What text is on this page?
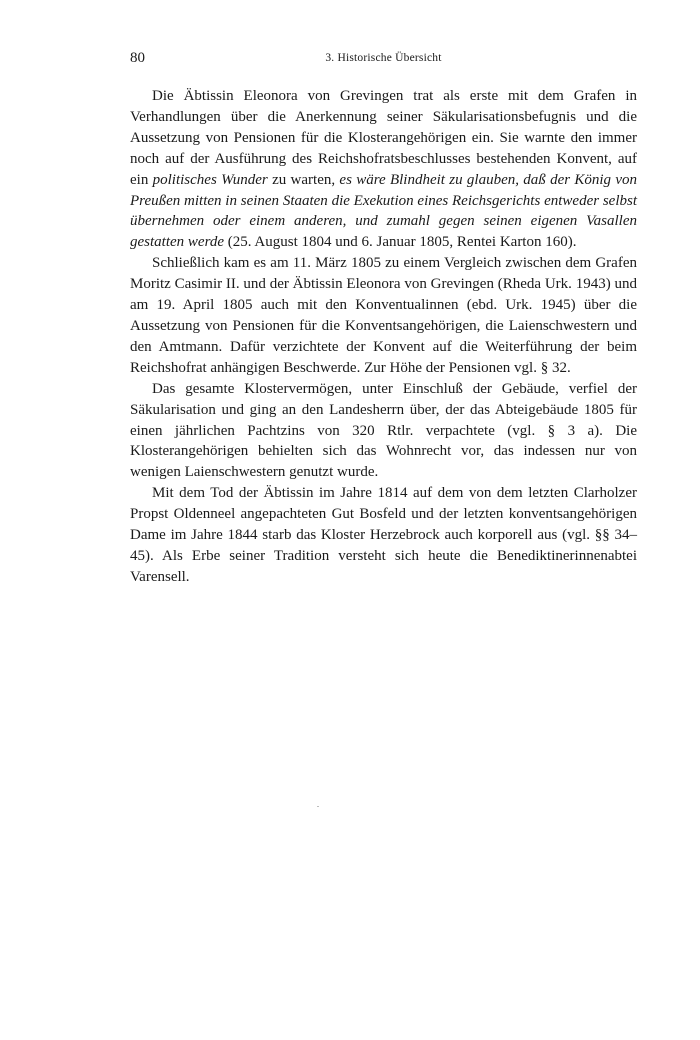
80	3. Historische Übersicht

Die Äbtissin Eleonora von Grevingen trat als erste mit dem Grafen in Verhandlungen über die Anerkennung seiner Säkularisationsbefugnis und die Aussetzung von Pensionen für die Klosterangehörigen ein. Sie warnte den immer noch auf der Ausführung des Reichshofratsbeschlusses bestehenden Konvent, auf ein politisches Wunder zu warten, es wäre Blindheit zu glauben, daß der König von Preußen mitten in seinen Staaten die Exekution eines Reichsgerichts entweder selbst übernehmen oder einem anderen, und zumahl gegen seinen eigenen Vasallen gestatten werde (25. August 1804 und 6. Januar 1805, Rentei Karton 160).

Schließlich kam es am 11. März 1805 zu einem Vergleich zwischen dem Grafen Moritz Casimir II. und der Äbtissin Eleonora von Grevingen (Rheda Urk. 1943) und am 19. April 1805 auch mit den Konventualinnen (ebd. Urk. 1945) über die Aussetzung von Pensionen für die Konventsangehörigen, die Laienschwestern und den Amtmann. Dafür verzichtete der Konvent auf die Weiterführung der beim Reichshofrat anhängigen Beschwerde. Zur Höhe der Pensionen vgl. § 32.

Das gesamte Klostervermögen, unter Einschluß der Gebäude, verfiel der Säkularisation und ging an den Landesherrn über, der das Abteigebäude 1805 für einen jährlichen Pachtzins von 320 Rtlr. verpachtete (vgl. § 3 a). Die Klosterangehörigen behielten sich das Wohnrecht vor, das indessen nur von wenigen Laienschwestern genutzt wurde.

Mit dem Tod der Äbtissin im Jahre 1814 auf dem von dem letzten Clarholzer Propst Oldenneel angepachteten Gut Bosfeld und der letzten konventsangehörigen Dame im Jahre 1844 starb das Kloster Herzebrock auch korporell aus (vgl. §§ 34–45). Als Erbe seiner Tradition versteht sich heute die Benediktinerinnenabtei Varensell.
